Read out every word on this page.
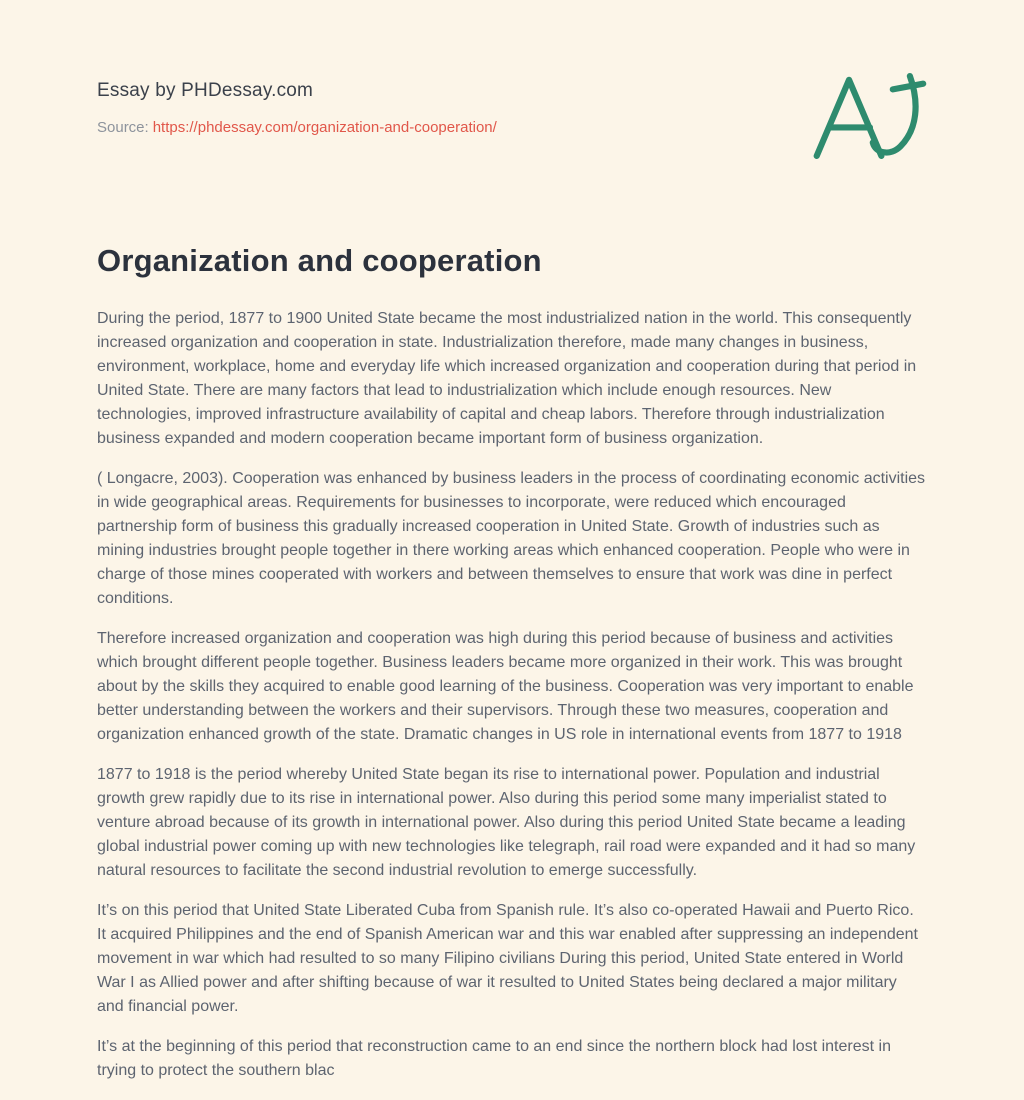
Essay by PHDessay.com
Source: https://phdessay.com/organization-and-cooperation/
Organization and cooperation

During the period, 1877 to 1900 United State became the most industrialized nation in the world. This consequently increased organization and cooperation in state. Industrialization therefore, made many changes in business, environment, workplace, home and everyday life which increased organization and cooperation during that period in United State. There are many factors that lead to industrialization which include enough resources. New technologies, improved infrastructure availability of capital and cheap labors. Therefore through industrialization business expanded and modern cooperation became important form of business organization.

( Longacre, 2003). Cooperation was enhanced by business leaders in the process of coordinating economic activities in wide geographical areas. Requirements for businesses to incorporate, were reduced which encouraged partnership form of business this gradually increased cooperation in United State. Growth of industries such as mining industries brought people together in there working areas which enhanced cooperation. People who were in charge of those mines cooperated with workers and between themselves to ensure that work was dine in perfect conditions.

Therefore increased organization and cooperation was high during this period because of business and activities which brought different people together. Business leaders became more organized in their work. This was brought about by the skills they acquired to enable good learning of the business. Cooperation was very important to enable better understanding between the workers and their supervisors. Through these two measures, cooperation and organization enhanced growth of the state. Dramatic changes in US role in international events from 1877 to 1918

1877 to 1918 is the period whereby United State began its rise to international power. Population and industrial growth grew rapidly due to its rise in international power. Also during this period some many imperialist stated to venture abroad because of its growth in international power. Also during this period United State became a leading global industrial power coming up with new technologies like telegraph, rail road were expanded and it had so many natural resources to facilitate the second industrial revolution to emerge successfully.

It’s on this period that United State Liberated Cuba from Spanish rule. It’s also co-operated Hawaii and Puerto Rico. It acquired Philippines and the end of Spanish American war and this war enabled after suppressing an independent movement in war which had resulted to so many Filipino civilians During this period, United State entered in World War I as Allied power and after shifting because of war it resulted to United States being declared a major military and financial power.

It’s at the beginning of this period that reconstruction came to an end since the northern block had lost interest in trying to protect the southern blac
